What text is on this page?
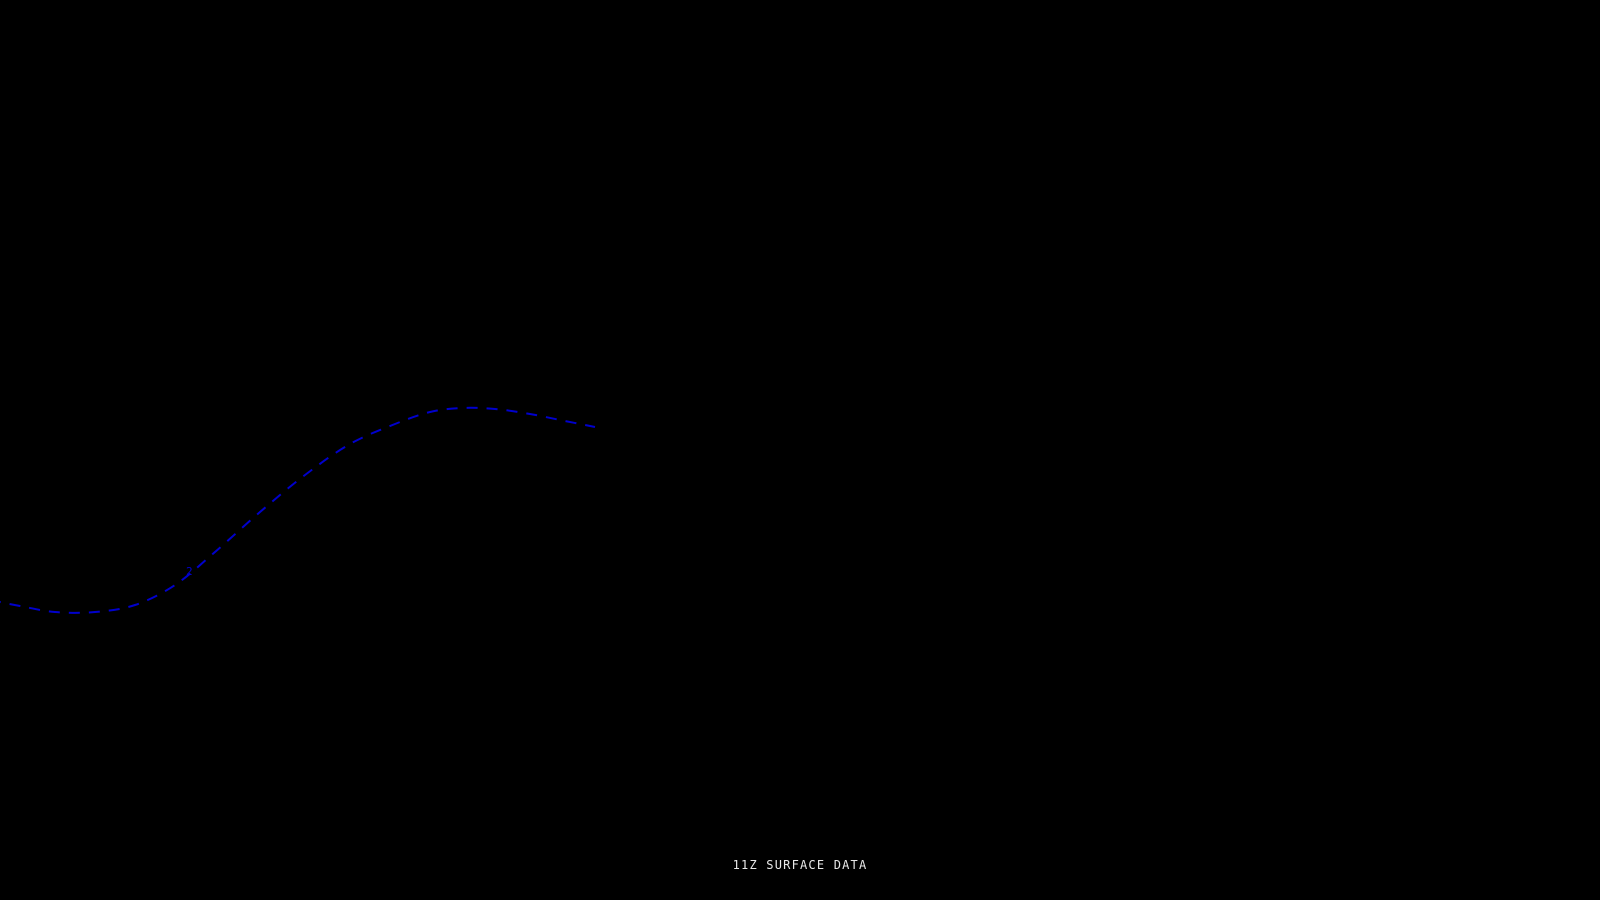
2
11Z SURFACE DATA
